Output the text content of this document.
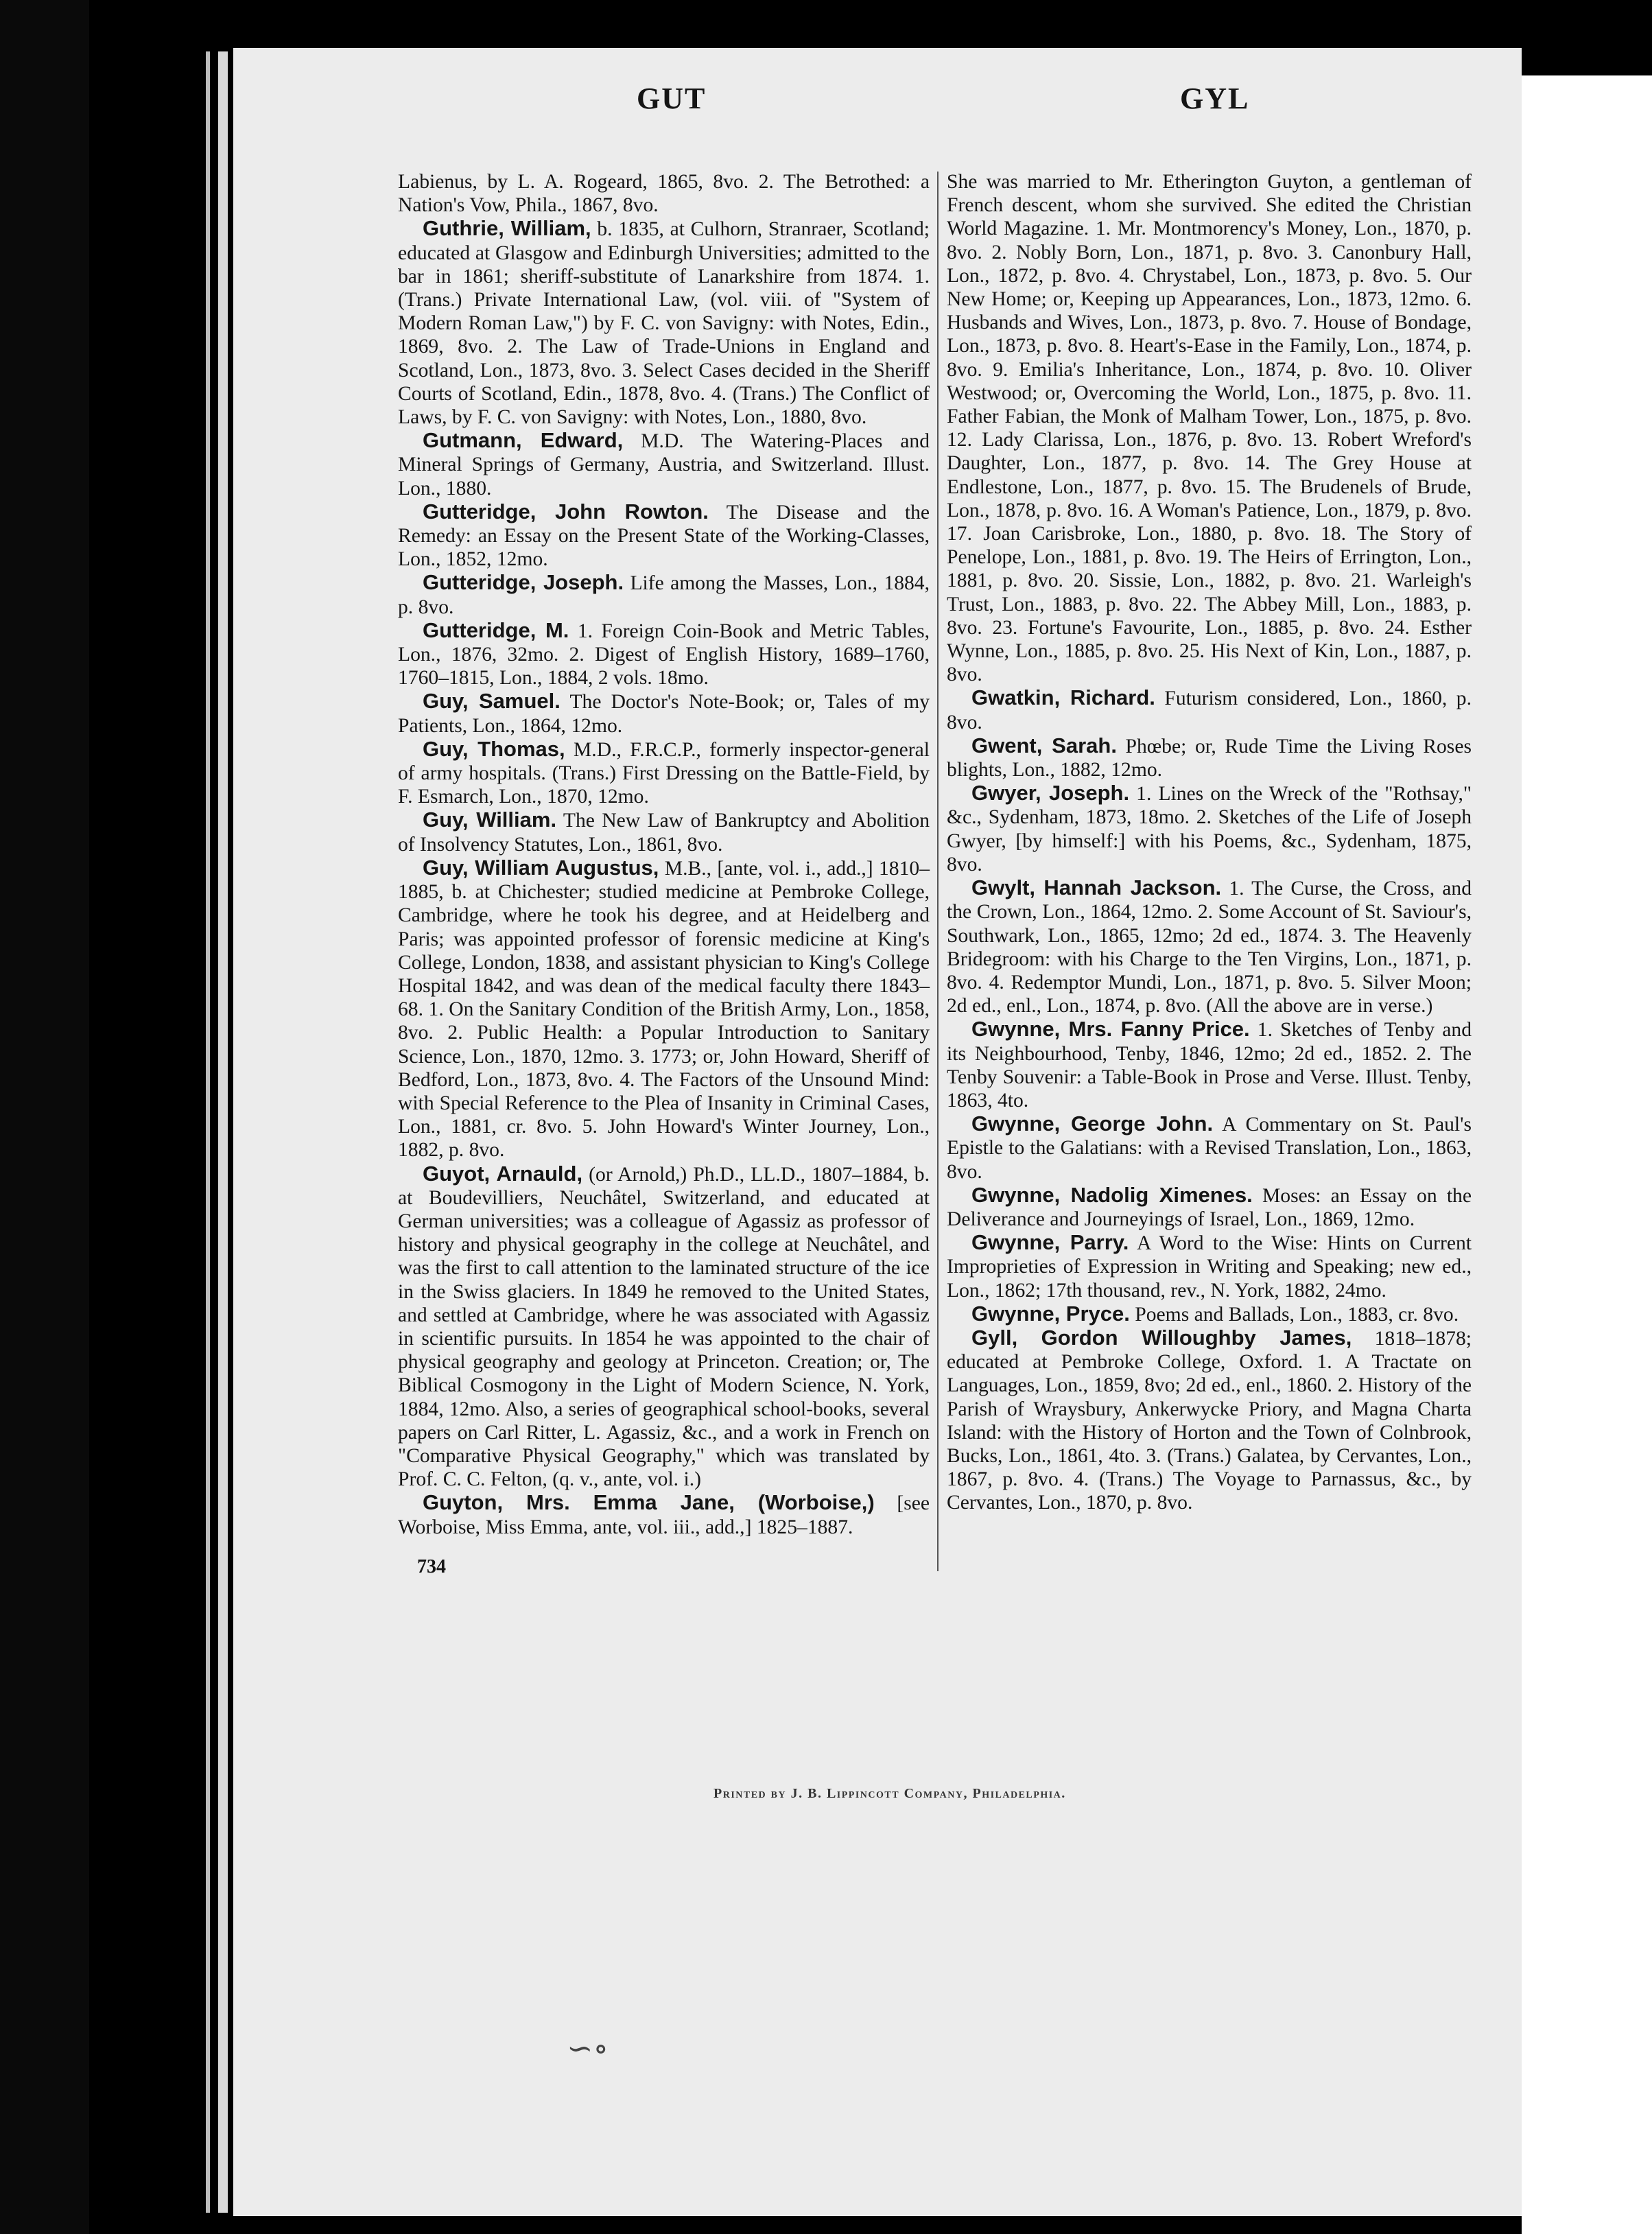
GUT	GYL

Labienus, by L. A. Rogeard, 1865, 8vo. 2. The Betrothed: a Nation's Vow, Phila., 1867, 8vo.

Guthrie, William, b. 1835, at Culhorn, Stranraer, Scotland; educated at Glasgow and Edinburgh Universities; admitted to the bar in 1861; sheriff-substitute of Lanarkshire from 1874. 1. (Trans.) Private International Law, (vol. viii. of "System of Modern Roman Law,") by F. C. von Savigny: with Notes, Edin., 1869, 8vo. 2. The Law of Trade-Unions in England and Scotland, Lon., 1873, 8vo. 3. Select Cases decided in the Sheriff Courts of Scotland, Edin., 1878, 8vo. 4. (Trans.) The Conflict of Laws, by F. C. von Savigny: with Notes, Lon., 1880, 8vo.

Gutmann, Edward, M.D. The Watering-Places and Mineral Springs of Germany, Austria, and Switzerland. Illust. Lon., 1880.

Gutteridge, John Rowton. The Disease and the Remedy: an Essay on the Present State of the Working-Classes, Lon., 1852, 12mo.

Gutteridge, Joseph. Life among the Masses, Lon., 1884, p. 8vo.

Gutteridge, M. 1. Foreign Coin-Book and Metric Tables, Lon., 1876, 32mo. 2. Digest of English History, 1689–1760, 1760–1815, Lon., 1884, 2 vols. 18mo.

Guy, Samuel. The Doctor's Note-Book; or, Tales of my Patients, Lon., 1864, 12mo.

Guy, Thomas, M.D., F.R.C.P., formerly inspector-general of army hospitals. (Trans.) First Dressing on the Battle-Field, by F. Esmarch, Lon., 1870, 12mo.

Guy, William. The New Law of Bankruptcy and Abolition of Insolvency Statutes, Lon., 1861, 8vo.

Guy, William Augustus, M.B., [ante, vol. i., add.,] 1810–1885, b. at Chichester; studied medicine at Pembroke College, Cambridge, where he took his degree, and at Heidelberg and Paris; was appointed professor of forensic medicine at King's College, London, 1838, and assistant physician to King's College Hospital 1842, and was dean of the medical faculty there 1843–68. 1. On the Sanitary Condition of the British Army, Lon., 1858, 8vo. 2. Public Health: a Popular Introduction to Sanitary Science, Lon., 1870, 12mo. 3. 1773; or, John Howard, Sheriff of Bedford, Lon., 1873, 8vo. 4. The Factors of the Unsound Mind: with Special Reference to the Plea of Insanity in Criminal Cases, Lon., 1881, cr. 8vo. 5. John Howard's Winter Journey, Lon., 1882, p. 8vo.

Guyot, Arnauld, (or Arnold,) Ph.D., LL.D., 1807–1884, b. at Boudevilliers, Neuchâtel, Switzerland, and educated at German universities; was a colleague of Agassiz as professor of history and physical geography in the college at Neuchâtel, and was the first to call attention to the laminated structure of the ice in the Swiss glaciers. In 1849 he removed to the United States, and settled at Cambridge, where he was associated with Agassiz in scientific pursuits. In 1854 he was appointed to the chair of physical geography and geology at Princeton. Creation; or, The Biblical Cosmogony in the Light of Modern Science, N. York, 1884, 12mo. Also, a series of geographical school-books, several papers on Carl Ritter, L. Agassiz, &c., and a work in French on "Comparative Physical Geography," which was translated by Prof. C. C. Felton, (q. v., ante, vol. i.)

Guyton, Mrs. Emma Jane, (Worboise,) [see Worboise, Miss Emma, ante, vol. iii., add.,] 1825–1887.

She was married to Mr. Etherington Guyton, a gentleman of French descent, whom she survived. She edited the Christian World Magazine. 1. Mr. Montmorency's Money, Lon., 1870, p. 8vo. 2. Nobly Born, Lon., 1871, p. 8vo. 3. Canonbury Hall, Lon., 1872, p. 8vo. 4. Chrystabel, Lon., 1873, p. 8vo. 5. Our New Home; or, Keeping up Appearances, Lon., 1873, 12mo. 6. Husbands and Wives, Lon., 1873, p. 8vo. 7. House of Bondage, Lon., 1873, p. 8vo. 8. Heart's-Ease in the Family, Lon., 1874, p. 8vo. 9. Emilia's Inheritance, Lon., 1874, p. 8vo. 10. Oliver Westwood; or, Overcoming the World, Lon., 1875, p. 8vo. 11. Father Fabian, the Monk of Malham Tower, Lon., 1875, p. 8vo. 12. Lady Clarissa, Lon., 1876, p. 8vo. 13. Robert Wreford's Daughter, Lon., 1877, p. 8vo. 14. The Grey House at Endlestone, Lon., 1877, p. 8vo. 15. The Brudenels of Brude, Lon., 1878, p. 8vo. 16. A Woman's Patience, Lon., 1879, p. 8vo. 17. Joan Carisbroke, Lon., 1880, p. 8vo. 18. The Story of Penelope, Lon., 1881, p. 8vo. 19. The Heirs of Errington, Lon., 1881, p. 8vo. 20. Sissie, Lon., 1882, p. 8vo. 21. Warleigh's Trust, Lon., 1883, p. 8vo. 22. The Abbey Mill, Lon., 1883, p. 8vo. 23. Fortune's Favourite, Lon., 1885, p. 8vo. 24. Esther Wynne, Lon., 1885, p. 8vo. 25. His Next of Kin, Lon., 1887, p. 8vo.

Gwatkin, Richard. Futurism considered, Lon., 1860, p. 8vo.

Gwent, Sarah. Phœbe; or, Rude Time the Living Roses blights, Lon., 1882, 12mo.

Gwyer, Joseph. 1. Lines on the Wreck of the "Rothsay," &c., Sydenham, 1873, 18mo. 2. Sketches of the Life of Joseph Gwyer, [by himself:] with his Poems, &c., Sydenham, 1875, 8vo.

Gwylt, Hannah Jackson. 1. The Curse, the Cross, and the Crown, Lon., 1864, 12mo. 2. Some Account of St. Saviour's, Southwark, Lon., 1865, 12mo; 2d ed., 1874. 3. The Heavenly Bridegroom: with his Charge to the Ten Virgins, Lon., 1871, p. 8vo. 4. Redemptor Mundi, Lon., 1871, p. 8vo. 5. Silver Moon; 2d ed., enl., Lon., 1874, p. 8vo. (All the above are in verse.)

Gwynne, Mrs. Fanny Price. 1. Sketches of Tenby and its Neighbourhood, Tenby, 1846, 12mo; 2d ed., 1852. 2. The Tenby Souvenir: a Table-Book in Prose and Verse. Illust. Tenby, 1863, 4to.

Gwynne, George John. A Commentary on St. Paul's Epistle to the Galatians: with a Revised Translation, Lon., 1863, 8vo.

Gwynne, Nadolig Ximenes. Moses: an Essay on the Deliverance and Journeyings of Israel, Lon., 1869, 12mo.

Gwynne, Parry. A Word to the Wise: Hints on Current Improprieties of Expression in Writing and Speaking; new ed., Lon., 1862; 17th thousand, rev., N. York, 1882, 24mo.

Gwynne, Pryce. Poems and Ballads, Lon., 1883, cr. 8vo.

Gyll, Gordon Willoughby James, 1818–1878; educated at Pembroke College, Oxford. 1. A Tractate on Languages, Lon., 1859, 8vo; 2d ed., enl., 1860. 2. History of the Parish of Wraysbury, Ankerwycke Priory, and Magna Charta Island: with the History of Horton and the Town of Colnbrook, Bucks, Lon., 1861, 4to. 3. (Trans.) Galatea, by Cervantes, Lon., 1867, p. 8vo. 4. (Trans.) The Voyage to Parnassus, &c., by Cervantes, Lon., 1870, p. 8vo.

734
Printed by J. B. Lippincott Company, Philadelphia.
∽∘
